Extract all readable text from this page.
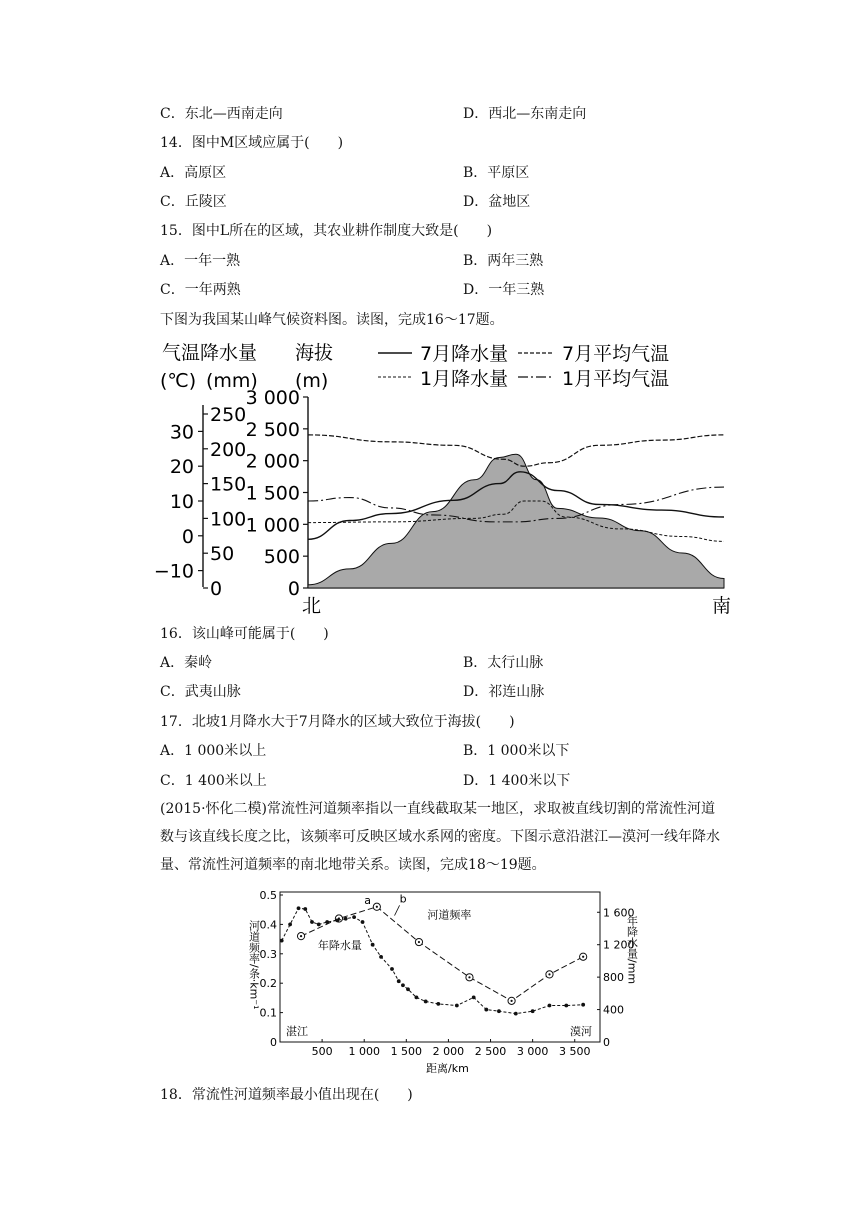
C．东北—西南走向	D．西北—东南走向
14．图中M区域应属于(　　)
A．高原区	B．平原区
C．丘陵区	D．盆地区
15．图中L所在的区域，其农业耕作制度大致是(　　)
A．一年一熟	B．两年三熟
C．一年两熟	D．一年三熟
下图为我国某山峰气候资料图。读图，完成16～17题。
气温降水量 海拔
(℃) (mm) (m)
7月降水量	7月平均气温
1月降水量	1月平均气温
30
20
10
0
−10
250
200
150
100
50
0
3 000
2 500
2 000
1 500
1 000
500
0
北	南
16．该山峰可能属于(　　)
A．秦岭	B．太行山脉
C．武夷山脉	D．祁连山脉
17．北坡1月降水大于7月降水的区域大致位于海拔(　　)
A．1 000米以上	B．1 000米以下
C．1 400米以上	D．1 400米以下
(2015·怀化二模)常流性河道频率指以一直线截取某一地区，求取被直线切割的常流性河道数与该直线长度之比，该频率可反映区域水系网的密度。下图示意沿湛江—漠河一线年降水量、常流性河道频率的南北地带关系。读图，完成18～19题。
河道频率/条·km⁻¹	年降水量/mm
0.5
0.4
0.3
0.2
0.1
0
1 600
1 200
800
400
0
500 1 000 1 500 2 000 2 500 3 000 3 500
河道频率
年降水量
a	b
湛江	漠河
距离/km
18．常流性河道频率最小值出现在(　　)
